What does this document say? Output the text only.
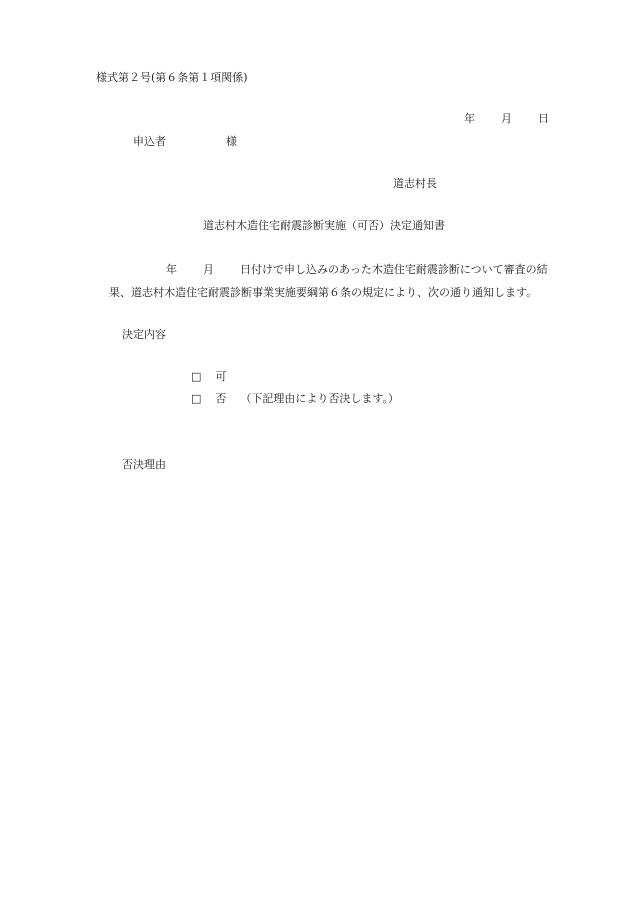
様式第２号(第６条第１項関係)
年 月 日
申込者	様
道志村長
道志村木造住宅耐震診断実施（可否）決定通知書
年 月 日付けで申し込みのあった木造住宅耐震診断について審査の結
果、道志村木造住宅耐震診断事業実施要綱第６条の規定により、次の通り通知します。
決定内容
□ 可
□ 否 （下記理由により否決します。）
否決理由
